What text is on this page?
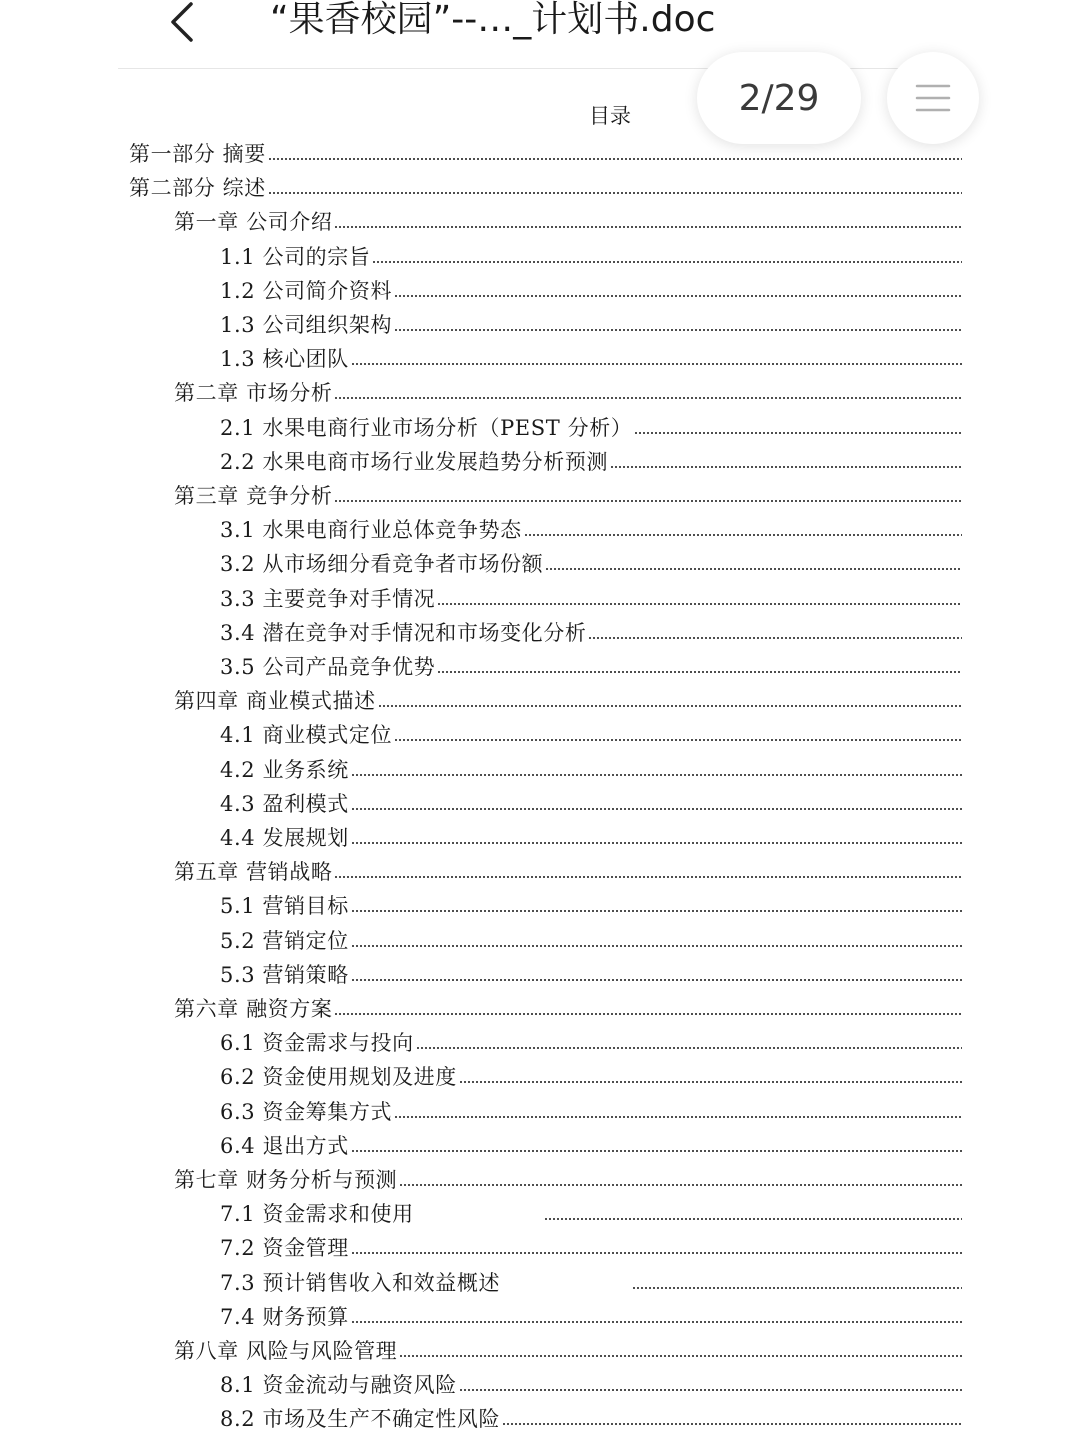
“果香校园”--…_计划书.doc
目录	2/29
第一部分 摘要
第二部分 综述
第一章 公司介绍
1.1 公司的宗旨
1.2 公司简介资料
1.3 公司组织架构
1.3 核心团队
第二章 市场分析
2.1 水果电商行业市场分析（PEST 分析）
2.2 水果电商市场行业发展趋势分析预测
第三章 竞争分析
3.1 水果电商行业总体竞争势态
3.2 从市场细分看竞争者市场份额
3.3 主要竞争对手情况
3.4 潜在竞争对手情况和市场变化分析
3.5 公司产品竞争优势
第四章 商业模式描述
4.1 商业模式定位
4.2 业务系统
4.3 盈利模式
4.4 发展规划
第五章 营销战略
5.1 营销目标
5.2 营销定位
5.3 营销策略
第六章 融资方案
6.1 资金需求与投向
6.2 资金使用规划及进度
6.3 资金筹集方式
6.4 退出方式
第七章 财务分析与预测
7.1 资金需求和使用
7.2 资金管理
7.3 预计销售收入和效益概述
7.4 财务预算
第八章 风险与风险管理
8.1 资金流动与融资风险
8.2 市场及生产不确定性风险
